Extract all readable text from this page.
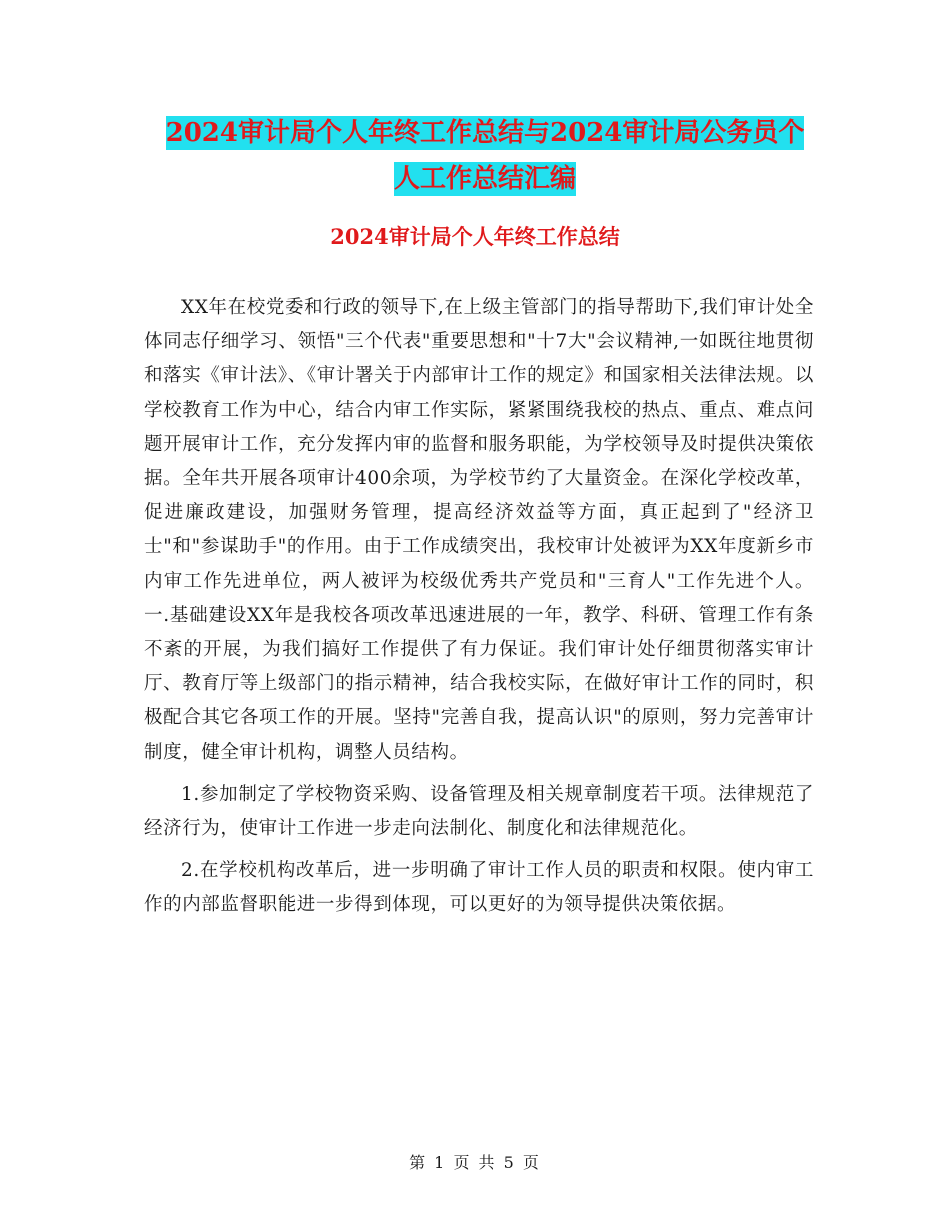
2024审计局个人年终工作总结与2024审计局公务员个
人工作总结汇编
2024审计局个人年终工作总结

XX年在校党委和行政的领导下,在上级主管部门的指导帮助下,我们审计处全体同志仔细学习、领悟"三个代表"重要思想和"十7大"会议精神,一如既往地贯彻和落实《审计法》、《审计署关于内部审计工作的规定》和国家相关法律法规。以学校教育工作为中心，结合内审工作实际，紧紧围绕我校的热点、重点、难点问题开展审计工作，充分发挥内审的监督和服务职能，为学校领导及时提供决策依据。全年共开展各项审计400余项，为学校节约了大量资金。在深化学校改革，促进廉政建设，加强财务管理，提高经济效益等方面，真正起到了"经济卫士"和"参谋助手"的作用。由于工作成绩突出，我校审计处被评为XX年度新乡市内审工作先进单位，两人被评为校级优秀共产党员和"三育人"工作先进个人。一.基础建设XX年是我校各项改革迅速进展的一年，教学、科研、管理工作有条不紊的开展，为我们搞好工作提供了有力保证。我们审计处仔细贯彻落实审计厅、教育厅等上级部门的指示精神，结合我校实际，在做好审计工作的同时，积极配合其它各项工作的开展。坚持"完善自我，提高认识"的原则，努力完善审计制度，健全审计机构，调整人员结构。

1.参加制定了学校物资采购、设备管理及相关规章制度若干项。法律规范了经济行为，使审计工作进一步走向法制化、制度化和法律规范化。

2.在学校机构改革后，进一步明确了审计工作人员的职责和权限。使内审工作的内部监督职能进一步得到体现，可以更好的为领导提供决策依据。

第 1 页 共 5 页
